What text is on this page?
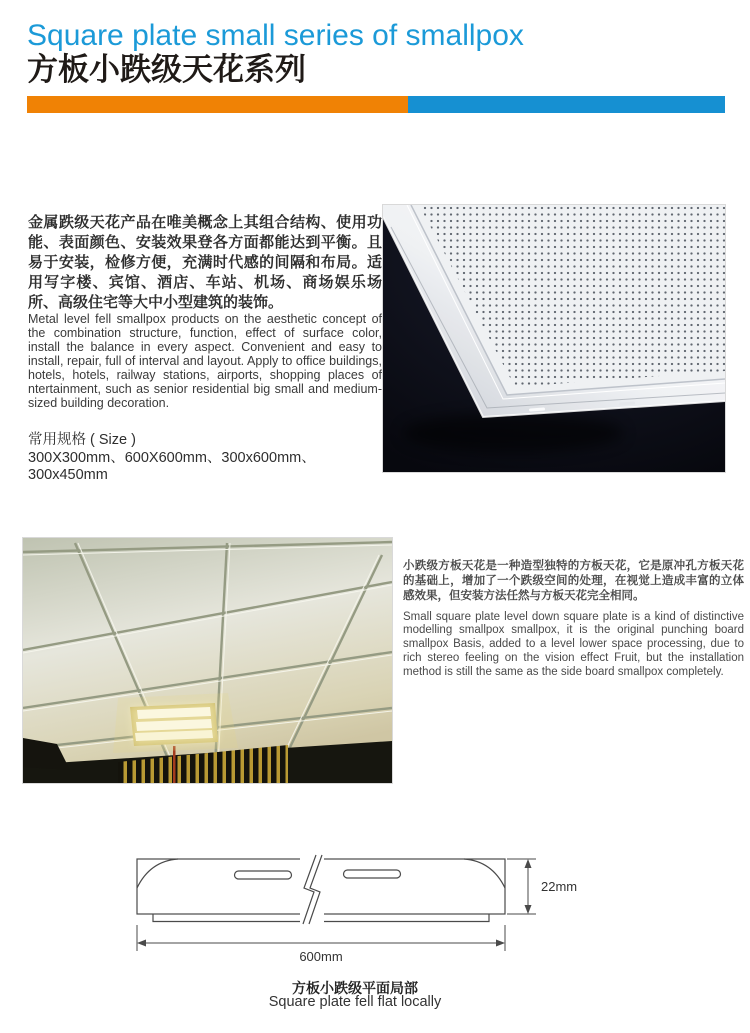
Square plate small series of smallpox
方板小跌级天花系列

金属跌级天花产品在唯美概念上其组合结构、使用功能、表面颜色、安装效果登各方面都能达到平衡。且易于安装，检修方便，充满时代感的间隔和布局。适用写字楼、宾馆、酒店、车站、机场、商场娱乐场所、高级住宅等大中小型建筑的装饰。

Metal level fell smallpox products on the aesthetic concept of the combination structure, function, effect of surface color, install the balance in every aspect. Convenient and easy to install, repair, full of interval and layout. Apply to office buildings, hotels, hotels, railway stations, airports, shopping places of ntertainment, such as senior residential big small and medium-sized building decoration.

常用规格 ( Size )
300X300mm、600X600mm、300x600mm、300x450mm

小跌级方板天花是一种造型独特的方板天花，它是原冲孔方板天花的基础上，增加了一个跌级空间的处理，在视觉上造成丰富的立体感效果，但安装方法任然与方板天花完全相同。

Small square plate level down square plate is a kind of distinctive modelling smallpox smallpox, it is the original punching board smallpox Basis, added to a level lower space processing, due to rich stereo feeling on the vision effect Fruit, but the installation method is still the same as the side board smallpox completely.

22mm
600mm
方板小跌级平面局部
Square plate fell flat locally
